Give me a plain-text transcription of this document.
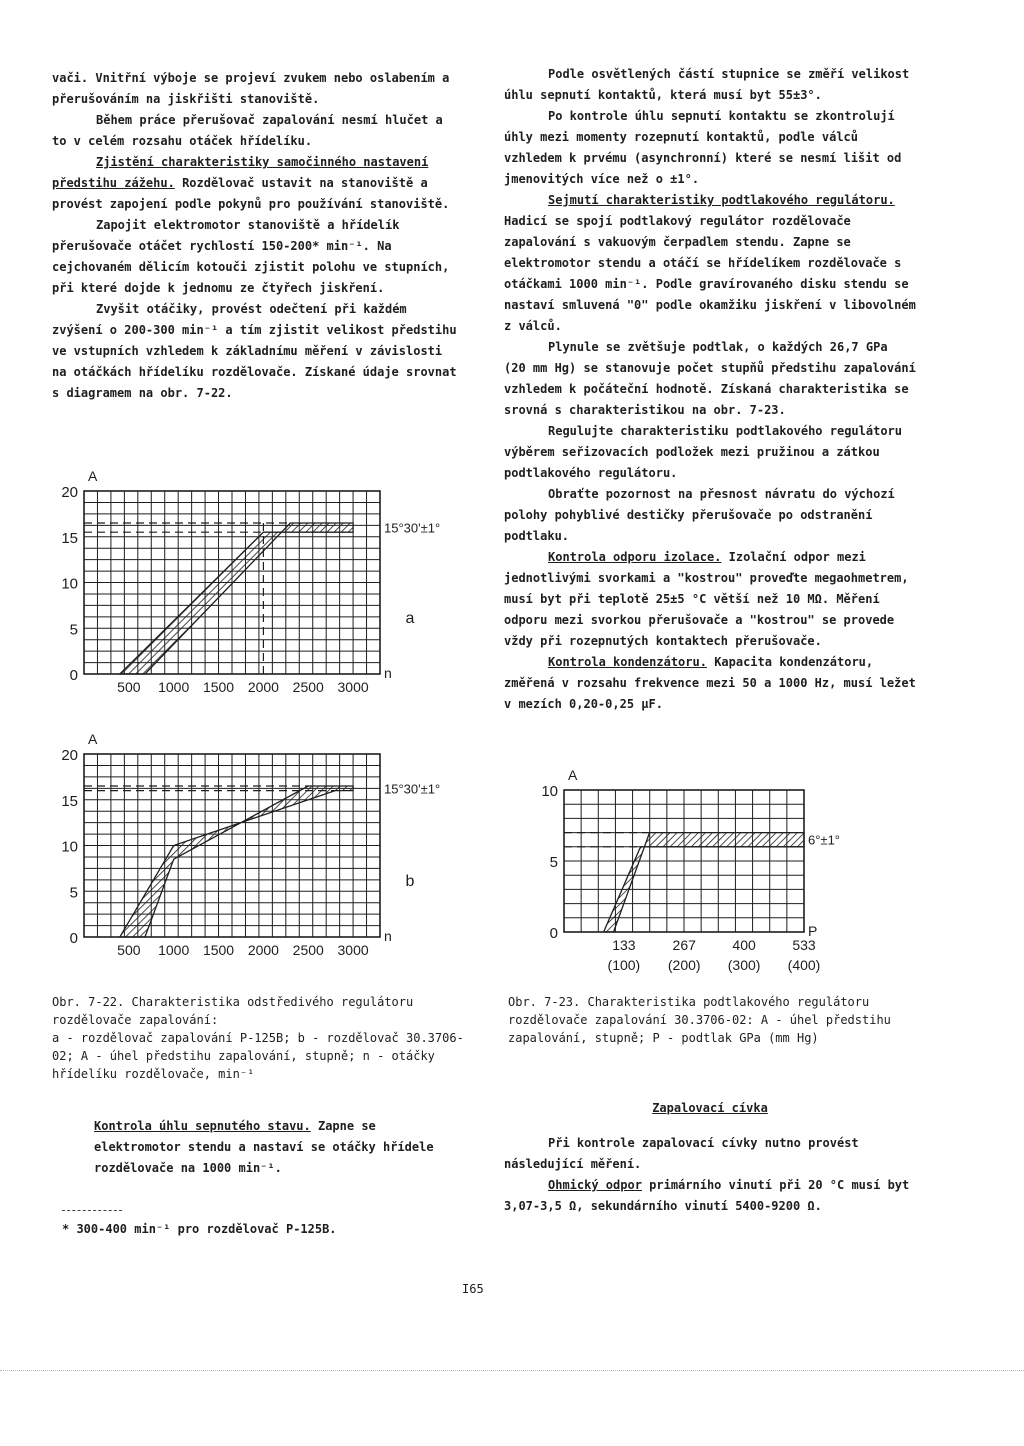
vači. Vnitřní výboje se projeví zvukem nebo oslabením a přerušováním na jiskřišti stanoviště.

Během práce přerušovač zapalování nesmí hlučet a to v celém rozsahu otáček hřídelíku.

Zjistění charakteristiky samočinného nastavení předstihu zážehu. Rozdělovač ustavit na stanoviště a provést zapojení podle pokynů pro používání stanoviště.

Zapojit elektromotor stanoviště a hřídelík přerušovače otáčet rychlostí 150-200* min⁻¹. Na cejchovaném dělicím kotouči zjistit polohu ve stupních, při které dojde k jednomu ze čtyřech jiskření.

Zvyšit otáčiky, provést odečtení při každém zvýšení o 200-300 min⁻¹ a tím zjistit velikost předstihu ve vstupních vzhledem k základnímu měření v závislosti na otáčkách hřídelíku rozdělovače. Získané údaje srovnat s diagramem na obr. 7-22.

Podle osvětlených částí stupnice se změří velikost úhlu sepnutí kontaktů, která musí byt 55±3°.

Po kontrole úhlu sepnutí kontaktu se zkontrolují úhly mezi momenty rozepnutí kontaktů, podle válců vzhledem k prvému (asynchronní) které se nesmí lišit od jmenovitých více než o ±1°.

Sejmutí charakteristiky podtlakového regulátoru. Hadicí se spojí podtlakový regulátor rozdělovače zapalování s vakuovým čerpadlem stendu. Zapne se elektromotor stendu a otáčí se hřídelíkem rozdělovače s otáčkami 1000 min⁻¹. Podle gravírovaného disku stendu se nastaví smluvená "0" podle okamžiku jiskření v libovolném z válců.

Plynule se zvětšuje podtlak, o každých 26,7 GPa (20 mm Hg) se stanovuje počet stupňů předstihu zapalování vzhledem k počáteční hodnotě. Získaná charakteristika se srovná s charakteristikou na obr. 7-23.

Regulujte charakteristiku podtlakového regulátoru výběrem seřizovacích podložek mezi pružinou a zátkou podtlakového regulátoru.

Obraťte pozornost na přesnost návratu do výchozí polohy pohyblivé destičky přerušovače po odstranění podtlaku.

Kontrola odporu izolace. Izolační odpor mezi jednotlivými svorkami a "kostrou" proveďte megaohmetrem, musí byt při teplotě 25±5 °C větší než 10 MΩ. Měření odporu mezi svorkou přerušovače a "kostrou" se provede vždy při rozepnutých kontaktech přerušovače.

Kontrola kondenzátoru. Kapacita kondenzátoru, změřená v rozsahu frekvence mezi 50 a 1000 Hz, musí ležet v mezích 0,20-0,25 µF.

0
5
10
15
20
500 1000 1500 2000 2500 3000
A
n
15°30'±1°
a
0
5
10
15
20
500 1000 1500 2000 2500 3000
A
n
15°30'±1°
b
0
5
10
133	267	400	533
(100) (200) (300) (400)
A
P
6°±1°
Obr. 7-22. Charakteristika odstředivého regulátoru rozdělovače zapalování:
a - rozdělovač zapalování P-125B; b - rozdělovač 30.3706-02; A - úhel předstihu zapalování, stupně; n - otáčky hřídelíku rozdělovače, min⁻¹
Obr. 7-23. Charakteristika podtlakového regulátoru rozdělovače zapalování 30.3706-02: A - úhel předstihu zapalování, stupně; P - podtlak GPa (mm Hg)

Kontrola úhlu sepnutého stavu. Zapne se elektromotor stendu a nastaví se otáčky hřídele rozdělovače na 1000 min⁻¹.

* 300-400 min⁻¹ pro rozdělovač P-125B.

Zapalovací cívka

Při kontrole zapalovací cívky nutno provést následující měření.

Ohmický odpor primárního vinutí při 20 °C musí byt 3,07-3,5 Ω, sekundárního vinutí 5400-9200 Ω.

I65
